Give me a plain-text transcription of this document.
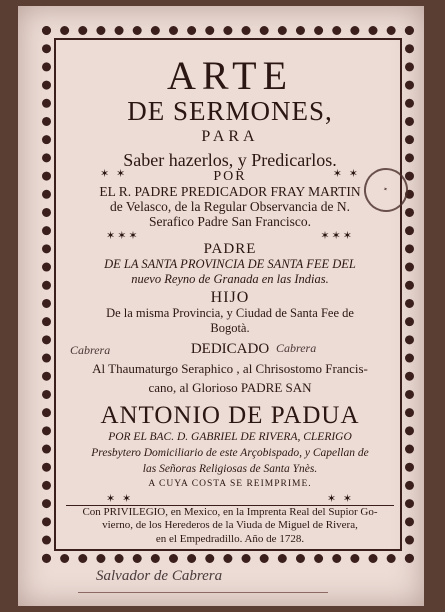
✦
ARTE
DE SERMONES,
PARA
Saber hazerlos, y Predicarlos.
✶ ✶	POR	✶ ✶
EL R. PADRE PREDICADOR FRAY MARTIN
de Velasco, de la Regular Observancia de N.
Serafico Padre San Francisco.
✶✶✶	✶✶✶
PADRE
DE LA SANTA PROVINCIA DE SANTA FEE DEL
nuevo Reyno de Granada en las Indias.
HIJO
De la misma Provincia, y Ciudad de Santa Fee de
Bogotà.
Cabrera	DEDICADO Cabrera
Al Thaumaturgo Seraphico , al Chrisostomo Francis-
cano, al Glorioso PADRE SAN
ANTONIO DE PADUA
POR EL BAC. D. GABRIEL DE RIVERA, CLERIGO
Presbytero Domiciliario de este Arçobispado, y Capellan de
las Señoras Religiosas de Santa Ynès.
A CUYA COSTA SE REIMPRIME.
✶ ✶	✶ ✶
Con PRIVILEGIO, en Mexico, en la Imprenta Real del Supior Go-
vierno, de los Herederos de la Viuda de Miguel de Rivera,
en el Empedradillo. Año de 1728.
Salvador de Cabrera
